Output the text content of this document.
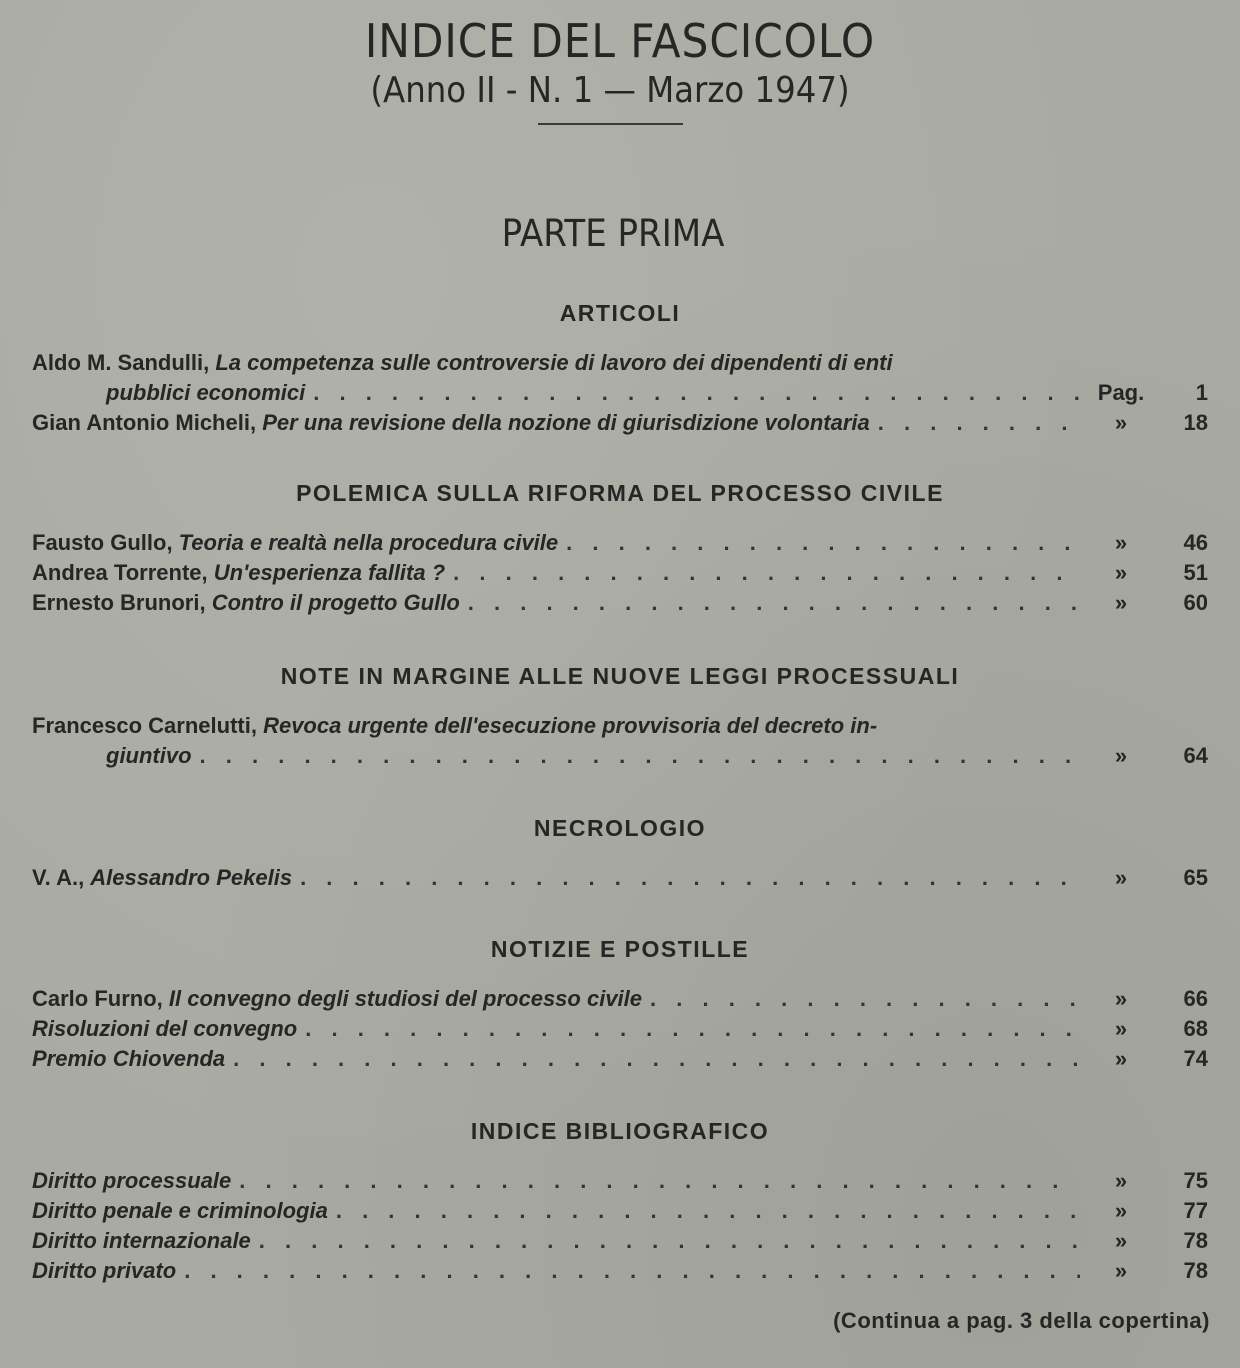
INDICE DEL FASCICOLO
(Anno II - N. 1 — Marzo 1947)
PARTE PRIMA
ARTICOLI
Aldo M. Sandulli, La competenza sulle controversie di lavoro dei dipendenti di enti
pubblici economici . . .	Pag.	1
Gian Antonio Micheli, Per una revisione della nozione di giurisdizione volontaria . . .	»	18
POLEMICA SULLA RIFORMA DEL PROCESSO CIVILE
Fausto Gullo, Teoria e realtà nella procedura civile . . .	»	46
Andrea Torrente, Un'esperienza fallita ? . . .	»	51
Ernesto Brunori, Contro il progetto Gullo . . .	»	60
NOTE IN MARGINE ALLE NUOVE LEGGI PROCESSUALI
Francesco Carnelutti, Revoca urgente dell'esecuzione provvisoria del decreto in-
giuntivo . . .	»	64
NECROLOGIO
V. A., Alessandro Pekelis . . .	»	65
NOTIZIE E POSTILLE
Carlo Furno, Il convegno degli studiosi del processo civile . . .	»	66
Risoluzioni del convegno . . .	»	68
Premio Chiovenda . . .	»	74
INDICE BIBLIOGRAFICO
Diritto processuale . . .	»	75
Diritto penale e criminologia . . .	»	77
Diritto internazionale . . .	»	78
Diritto privato . . .	»	78
(Continua a pag. 3 della copertina)
